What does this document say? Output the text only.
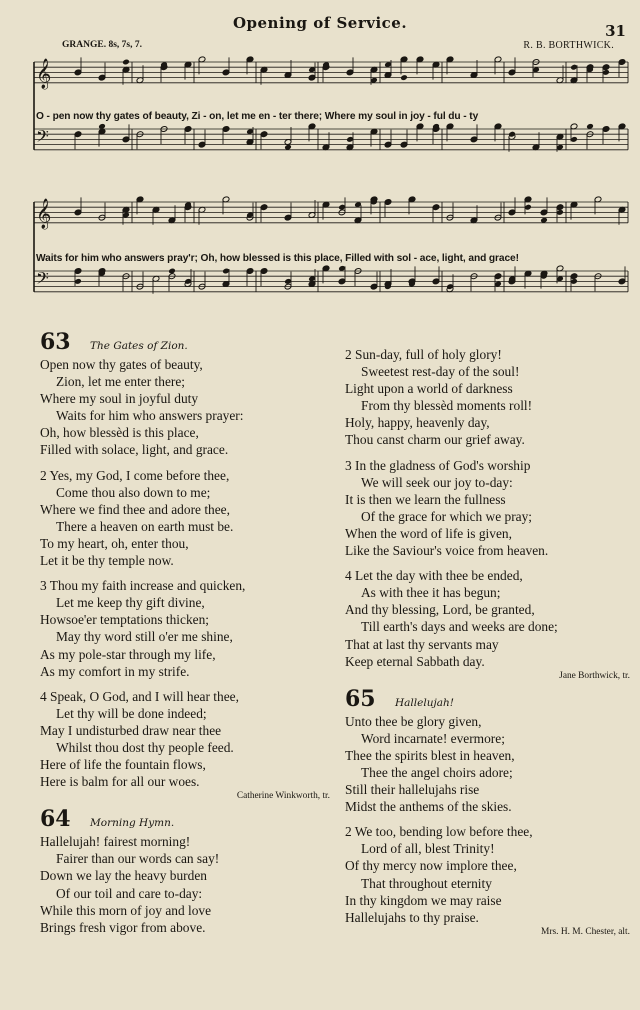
Opening of Service.	31
GRANGE. 8s, 7s, 7.	R. B. BORTHWICK.
𝄞
𝄢
O - pen now thy gates of beauty, Zi - on, let me en - ter there; Where my soul in joy - ful du - ty
𝄞
𝄢
Waits for him who answers pray'r; Oh, how blessed is this place, Filled with sol - ace, light, and grace!
63	The Gates of Zion.
Open now thy gates of beauty,
Zion, let me enter there;
Where my soul in joyful duty
Waits for him who answers prayer:
Oh, how blessèd is this place,
Filled with solace, light, and grace.
2 Yes, my God, I come before thee,
Come thou also down to me;
Where we find thee and adore thee,
There a heaven on earth must be.
To my heart, oh, enter thou,
Let it be thy temple now.
3 Thou my faith increase and quicken,
Let me keep thy gift divine,
Howsoe'er temptations thicken;
May thy word still o'er me shine,
As my pole-star through my life,
As my comfort in my strife.
4 Speak, O God, and I will hear thee,
Let thy will be done indeed;
May I undisturbed draw near thee
Whilst thou dost thy people feed.
Here of life the fountain flows,
Here is balm for all our woes.
Catherine Winkworth, tr.
64	Morning Hymn.
Hallelujah! fairest morning!
Fairer than our words can say!
Down we lay the heavy burden
Of our toil and care to-day:
While this morn of joy and love
Brings fresh vigor from above.
2 Sun-day, full of holy glory!
Sweetest rest-day of the soul!
Light upon a world of darkness
From thy blessèd moments roll!
Holy, happy, heavenly day,
Thou canst charm our grief away.
3 In the gladness of God's worship
We will seek our joy to-day:
It is then we learn the fullness
Of the grace for which we pray;
When the word of life is given,
Like the Saviour's voice from heaven.
4 Let the day with thee be ended,
As with thee it has begun;
And thy blessing, Lord, be granted,
Till earth's days and weeks are done;
That at last thy servants may
Keep eternal Sabbath day.
Jane Borthwick, tr.
65	Hallelujah!
Unto thee be glory given,
Word incarnate! evermore;
Thee the spirits blest in heaven,
Thee the angel choirs adore;
Still their hallelujahs rise
Midst the anthems of the skies.
2 We too, bending low before thee,
Lord of all, blest Trinity!
Of thy mercy now implore thee,
That throughout eternity
In thy kingdom we may raise
Hallelujahs to thy praise.
Mrs. H. M. Chester, alt.
